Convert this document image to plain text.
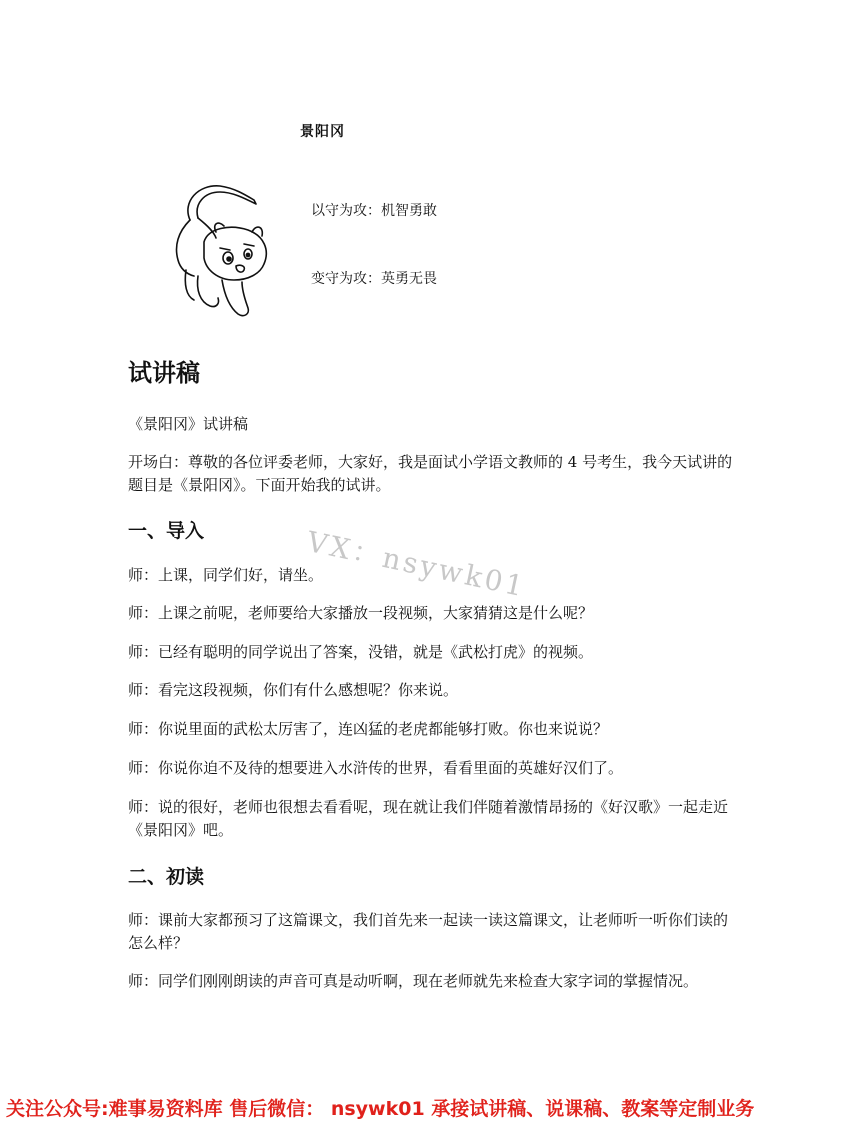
景阳冈
以守为攻：机智勇敢
变守为攻：英勇无畏
试讲稿
《景阳冈》试讲稿
开场白：尊敬的各位评委老师，大家好，我是面试小学语文教师的 4 号考生，我今天试讲的题目是《景阳冈》。下面开始我的试讲。
一、导入	VX：nsywk01
师：上课，同学们好，请坐。
师：上课之前呢，老师要给大家播放一段视频，大家猜猜这是什么呢？
师：已经有聪明的同学说出了答案，没错，就是《武松打虎》的视频。
师：看完这段视频，你们有什么感想呢？你来说。
师：你说里面的武松太厉害了，连凶猛的老虎都能够打败。你也来说说？
师：你说你迫不及待的想要进入水浒传的世界，看看里面的英雄好汉们了。
师：说的很好，老师也很想去看看呢，现在就让我们伴随着激情昂扬的《好汉歌》一起走近《景阳冈》吧。
二、初读
师：课前大家都预习了这篇课文，我们首先来一起读一读这篇课文，让老师听一听你们读的怎么样？
师：同学们刚刚朗读的声音可真是动听啊，现在老师就先来检查大家字词的掌握情况。
关注公众号:难事易资料库 售后微信： nsywk01 承接试讲稿、说课稿、教案等定制业务
